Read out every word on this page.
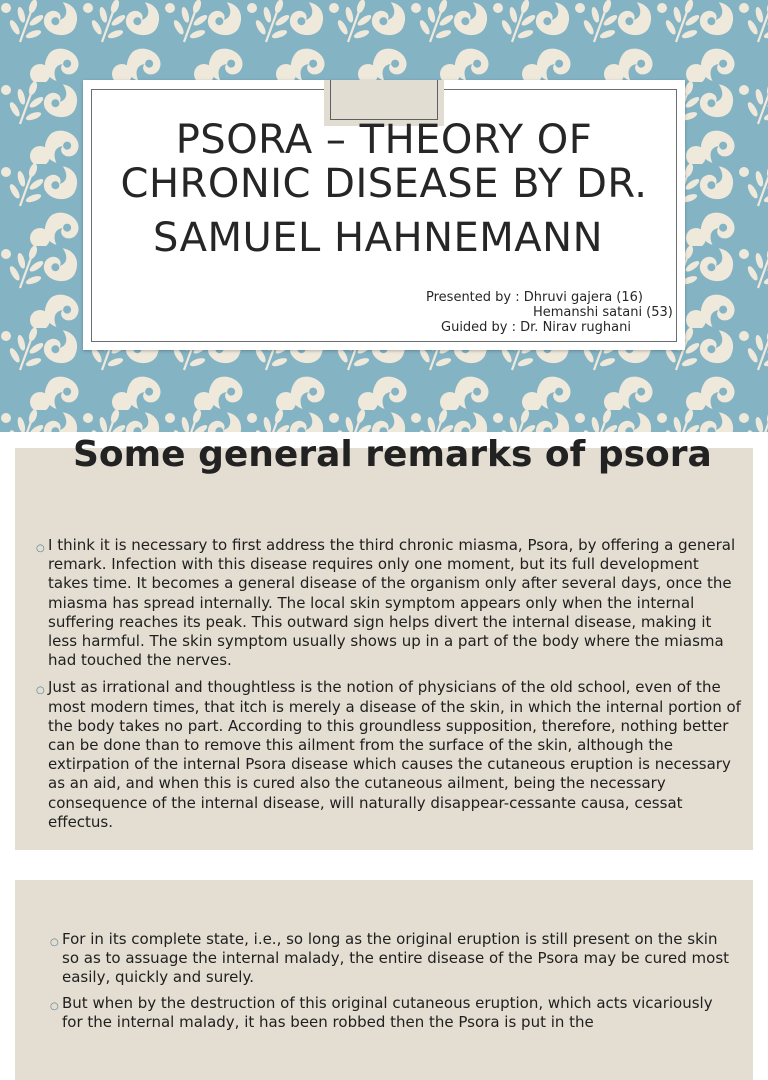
PSORA – THEORY OF
CHRONIC DISEASE BY DR.
SAMUEL HAHNEMANN
Presented by : Dhruvi gajera (16)
Hemanshi satani (53)
Guided by : Dr. Nirav rughani
Some general remarks of psora
○ I think it is necessary to first address the third chronic miasma, Psora, by offering a general remark. Infection with this disease requires only one moment, but its full development takes time. It becomes a general disease of the organism only after several days, once the miasma has spread internally. The local skin symptom appears only when the internal suffering reaches its peak. This outward sign helps divert the internal disease, making it less harmful. The skin symptom usually shows up in a part of the body where the miasma had touched the nerves.
○ Just as irrational and thoughtless is the notion of physicians of the old school, even of the most modern times, that itch is merely a disease of the skin, in which the internal portion of the body takes no part. According to this groundless supposition, therefore, nothing better can be done than to remove this ailment from the surface of the skin, although the extirpation of the internal Psora disease which causes the cutaneous eruption is necessary as an aid, and when this is cured also the cutaneous ailment, being the necessary consequence of the internal disease, will naturally disappear-cessante causa, cessat effectus.
○ For in its complete state, i.e., so long as the original eruption is still present on the skin so as to assuage the internal malady, the entire disease of the Psora may be cured most easily, quickly and surely.
○ But when by the destruction of this original cutaneous eruption, which acts vicariously for the internal malady, it has been robbed then the Psora is put in the
